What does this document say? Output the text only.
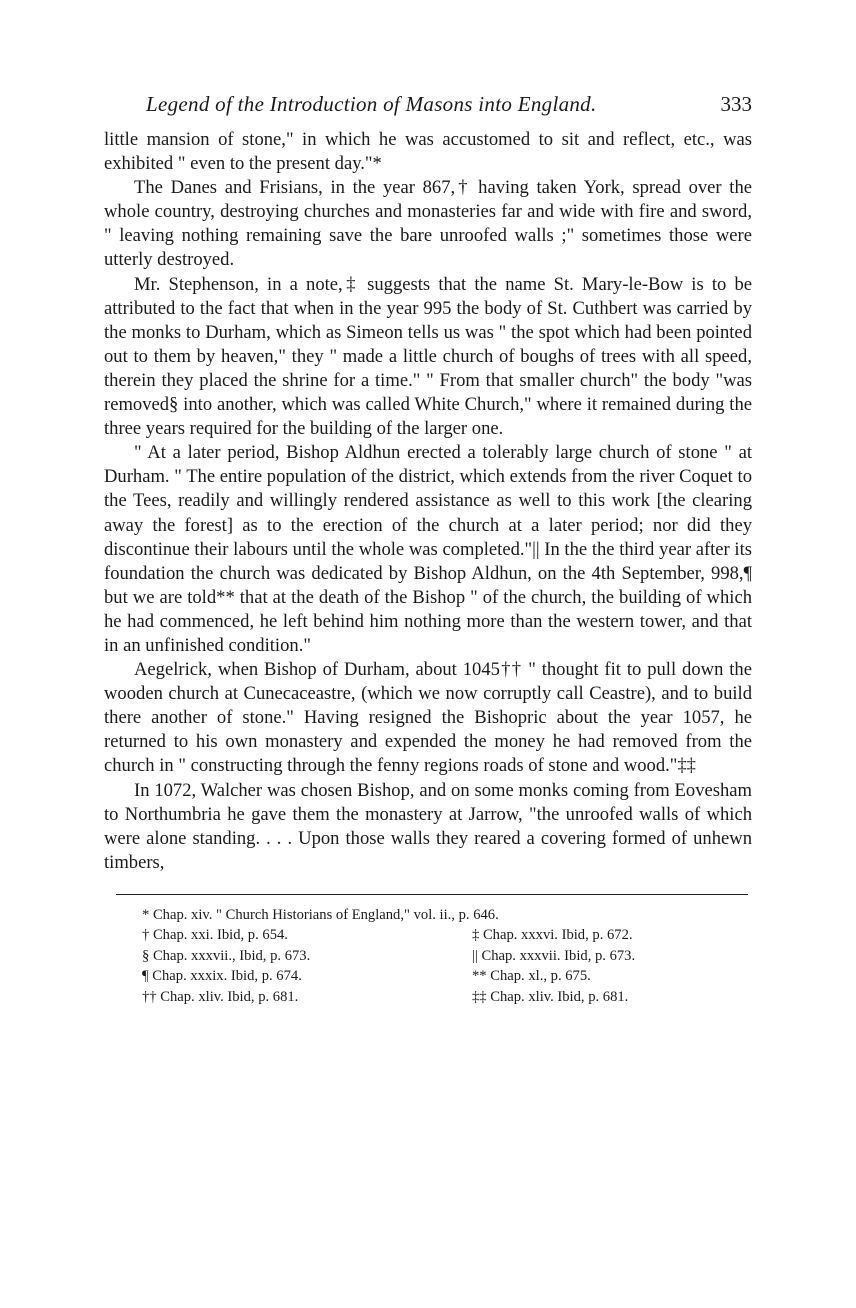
Legend of the Introduction of Masons into England.	333

little mansion of stone," in which he was accustomed to sit and reflect, etc., was exhibited " even to the present day."*

The Danes and Frisians, in the year 867,† having taken York, spread over the whole country, destroying churches and monasteries far and wide with fire and sword, " leaving nothing remaining save the bare unroofed walls ;" sometimes those were utterly destroyed.

Mr. Stephenson, in a note,‡ suggests that the name St. Mary-le-Bow is to be attributed to the fact that when in the year 995 the body of St. Cuthbert was carried by the monks to Durham, which as Simeon tells us was " the spot which had been pointed out to them by heaven," they " made a little church of boughs of trees with all speed, therein they placed the shrine for a time." " From that smaller church" the body "was removed§ into another, which was called White Church," where it remained during the three years required for the building of the larger one.

" At a later period, Bishop Aldhun erected a tolerably large church of stone " at Durham. " The entire population of the district, which extends from the river Coquet to the Tees, readily and willingly rendered assistance as well to this work [the clearing away the forest] as to the erection of the church at a later period; nor did they discontinue their labours until the whole was completed."|| In the the third year after its foundation the church was dedicated by Bishop Aldhun, on the 4th September, 998,¶ but we are told** that at the death of the Bishop " of the church, the building of which he had commenced, he left behind him nothing more than the western tower, and that in an unfinished condition."

Aegelrick, when Bishop of Durham, about 1045†† " thought fit to pull down the wooden church at Cunecaceastre, (which we now corruptly call Ceastre), and to build there another of stone." Having resigned the Bishopric about the year 1057, he returned to his own monastery and expended the money he had removed from the church in " constructing through the fenny regions roads of stone and wood."‡‡

In 1072, Walcher was chosen Bishop, and on some monks coming from Eovesham to Northumbria he gave them the monastery at Jarrow, "the unroofed walls of which were alone standing. . . . Upon those walls they reared a covering formed of unhewn timbers,

* Chap. xiv. " Church Historians of England," vol. ii., p. 646.
† Chap. xxi. Ibid, p. 654.	‡ Chap. xxxvi. Ibid, p. 672.
§ Chap. xxxvii., Ibid, p. 673.	|| Chap. xxxvii. Ibid, p. 673.
¶ Chap. xxxix. Ibid, p. 674.	** Chap. xl., p. 675.
†† Chap. xliv. Ibid, p. 681.	‡‡ Chap. xliv. Ibid, p. 681.
